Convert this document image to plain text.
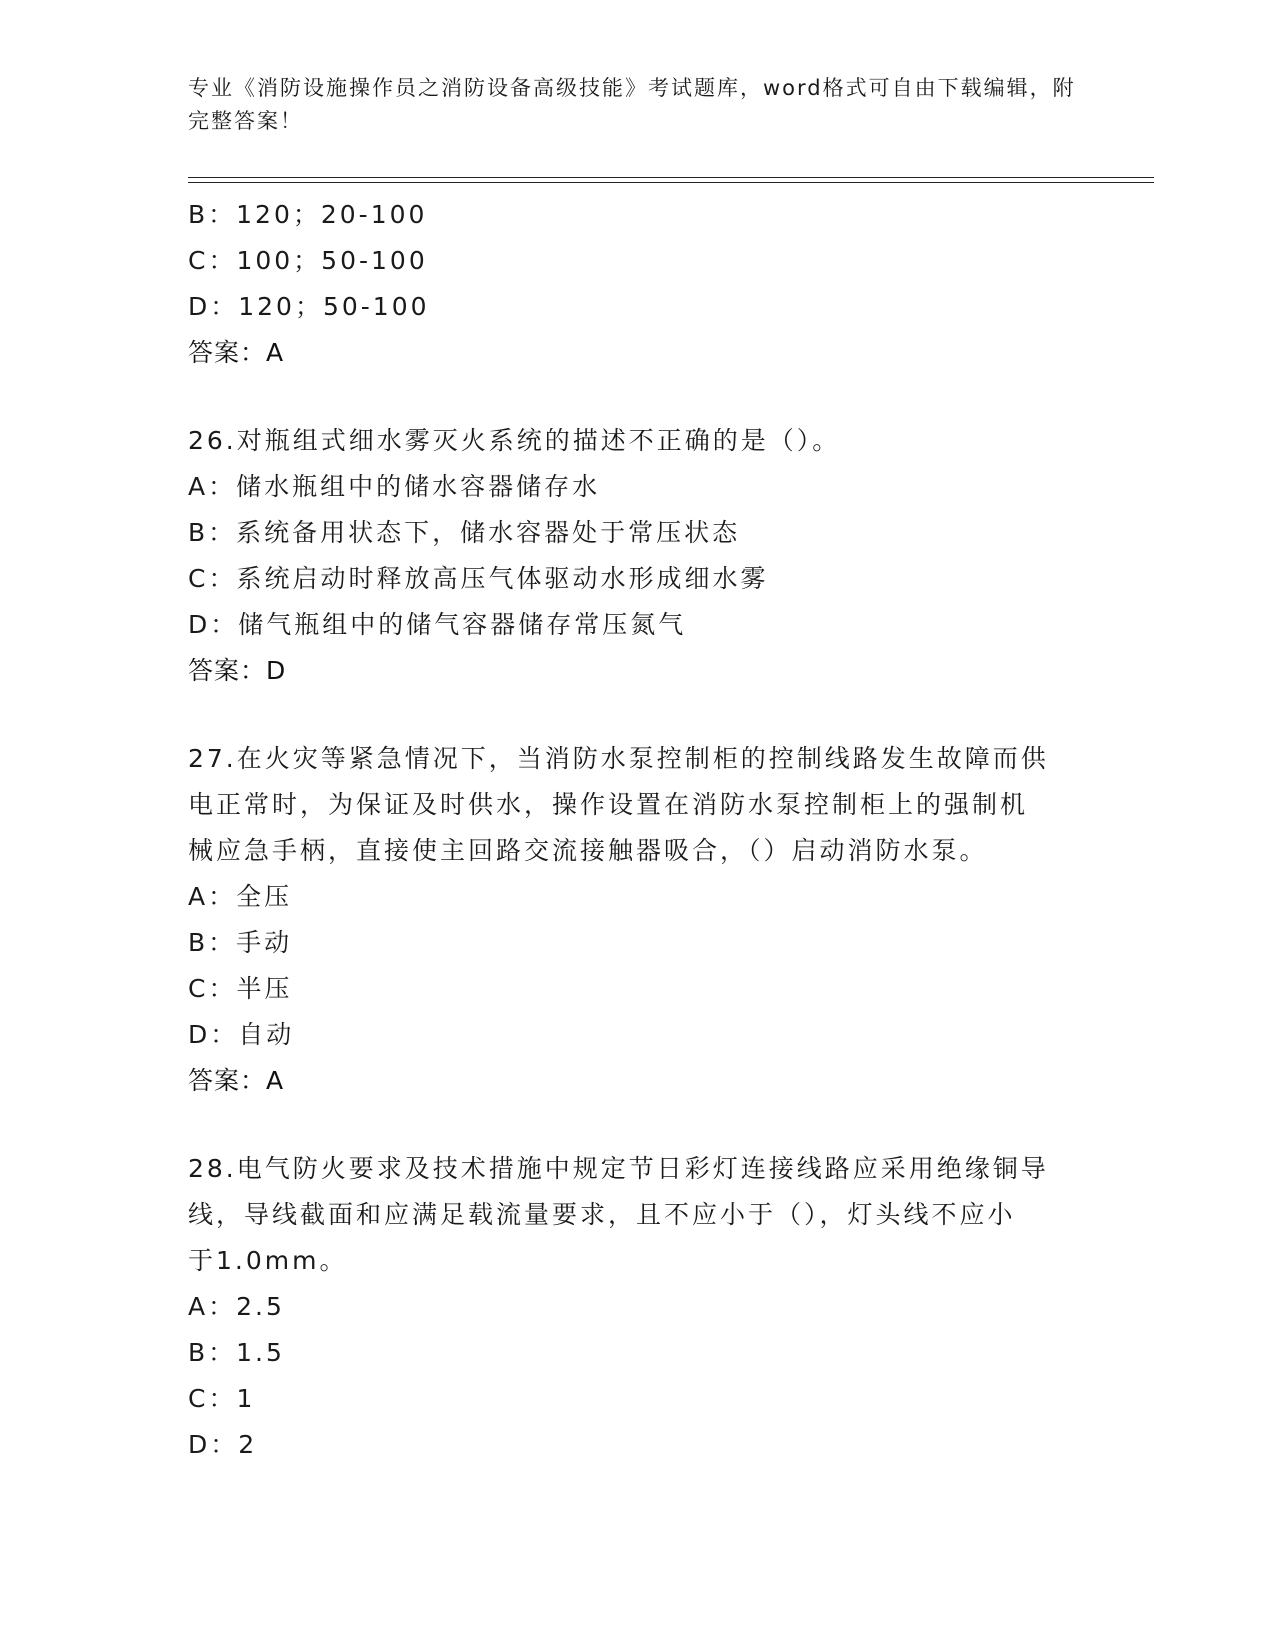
专业《消防设施操作员之消防设备高级技能》考试题库，word格式可自由下载编辑，附完整答案！
B：120；20-100
C：100；50-100
D：120；50-100
答案：A
26.对瓶组式细水雾灭火系统的描述不正确的是（）。
A：储水瓶组中的储水容器储存水
B：系统备用状态下，储水容器处于常压状态
C：系统启动时释放高压气体驱动水形成细水雾
D：储气瓶组中的储气容器储存常压氮气
答案：D
27.在火灾等紧急情况下，当消防水泵控制柜的控制线路发生故障而供
电正常时，为保证及时供水，操作设置在消防水泵控制柜上的强制机
械应急手柄，直接使主回路交流接触器吸合，（）启动消防水泵。
A：全压
B：手动
C：半压
D：自动
答案：A
28.电气防火要求及技术措施中规定节日彩灯连接线路应采用绝缘铜导
线，导线截面和应满足载流量要求，且不应小于（），灯头线不应小
于1.0mm。
A：2.5
B：1.5
C：1
D：2
